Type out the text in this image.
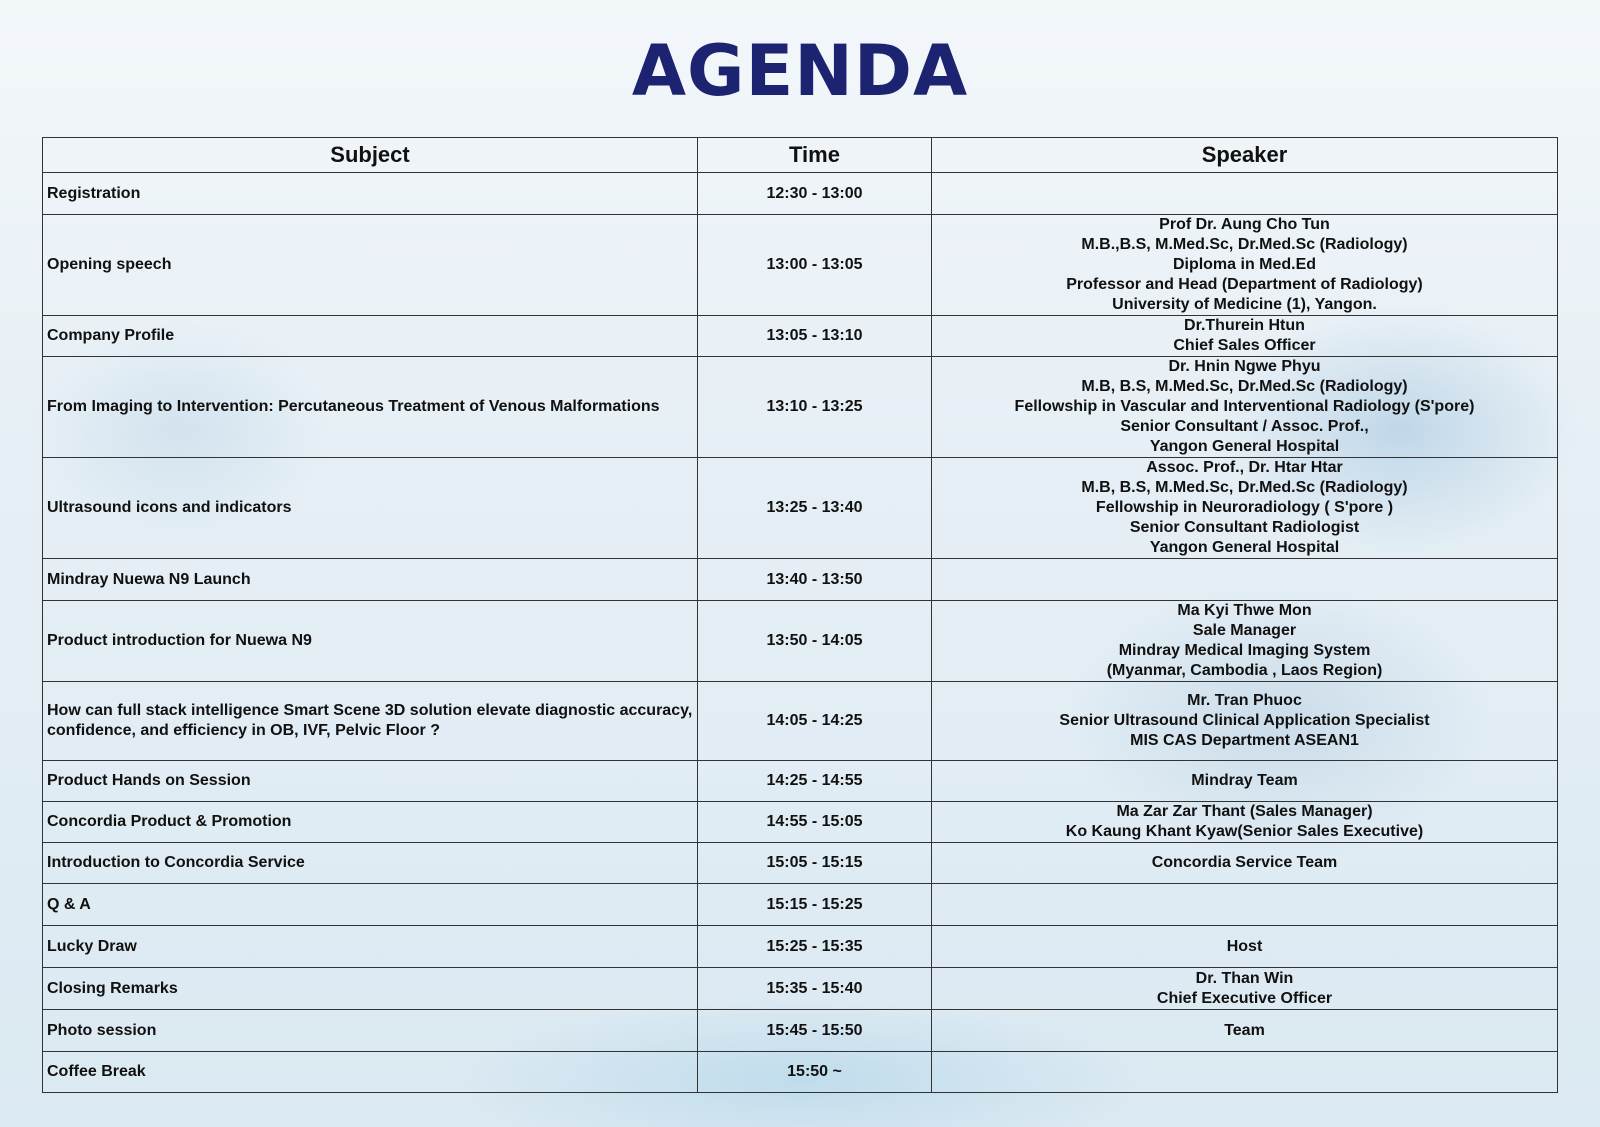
AGENDA
Subject	Time	Speaker
Registration	12:30 - 13:00	
Opening speech	13:00 - 13:05	Prof Dr. Aung Cho Tun
M.B.,B.S, M.Med.Sc, Dr.Med.Sc (Radiology)
Diploma in Med.Ed
Professor and Head (Department of Radiology)
University of Medicine (1), Yangon.

Company Profile	13:05 - 13:10	Dr.Thurein Htun
Chief Sales Officer

From Imaging to Intervention: Percutaneous Treatment of Venous Malformations	13:10 - 13:25	Dr. Hnin Ngwe Phyu
M.B, B.S, M.Med.Sc, Dr.Med.Sc (Radiology)
Fellowship in Vascular and Interventional Radiology (S'pore)
Senior Consultant / Assoc. Prof.,
Yangon General Hospital

Ultrasound icons and indicators	13:25 - 13:40	Assoc. Prof., Dr. Htar Htar
M.B, B.S, M.Med.Sc, Dr.Med.Sc (Radiology)
Fellowship in Neuroradiology ( S'pore )
Senior Consultant Radiologist
Yangon General Hospital

Mindray Nuewa N9 Launch	13:40 - 13:50	
Product introduction for Nuewa N9	13:50 - 14:05	Ma Kyi Thwe Mon
Sale Manager
Mindray Medical Imaging System
(Myanmar, Cambodia , Laos Region)

How can full stack intelligence Smart Scene 3D solution elevate diagnostic accuracy, confidence, and efficiency in OB, IVF, Pelvic Floor ?	14:05 - 14:25	Mr. Tran Phuoc
Senior Ultrasound Clinical Application Specialist
MIS CAS Department ASEAN1

Product Hands on Session	14:25 - 14:55	Mindray Team

Concordia Product & Promotion	14:55 - 15:05	Ma Zar Zar Thant (Sales Manager)
Ko Kaung Khant Kyaw(Senior Sales Executive)

Introduction to Concordia Service	15:05 - 15:15	Concordia Service Team

Q & A	15:15 - 15:25	
Lucky Draw	15:25 - 15:35	Host

Closing Remarks	15:35 - 15:40	Dr. Than Win
Chief Executive Officer

Photo session	15:45 - 15:50	Team

Coffee Break	15:50 ~	
